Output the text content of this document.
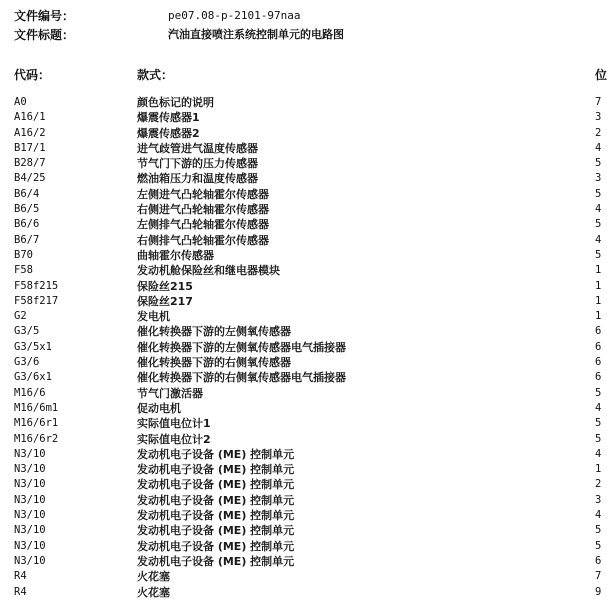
文件编号：	pe07.08-p-2101-97naa
文件标题：	汽油直接喷注系统控制单元的电路图
代码：	款式：	位
A0	颜色标记的说明	7
A16/1	爆震传感器1	3
A16/2	爆震传感器2	2
B17/1	进气歧管进气温度传感器	4
B28/7	节气门下游的压力传感器	5
B4/25	燃油箱压力和温度传感器	3
B6/4	左侧进气凸轮轴霍尔传感器	5
B6/5	右侧进气凸轮轴霍尔传感器	4
B6/6	左侧排气凸轮轴霍尔传感器	5
B6/7	右侧排气凸轮轴霍尔传感器	4
B70	曲轴霍尔传感器	5
F58	发动机舱保险丝和继电器模块	1
F58f215	保险丝215	1
F58f217	保险丝217	1
G2	发电机	1
G3/5	催化转换器下游的左侧氧传感器	6
G3/5x1	催化转换器下游的左侧氧传感器电气插接器	6
G3/6	催化转换器下游的右侧氧传感器	6
G3/6x1	催化转换器下游的右侧氧传感器电气插接器	6
M16/6	节气门激活器	5
M16/6m1	促动电机	4
M16/6r1	实际值电位计1	5
M16/6r2	实际值电位计2	5
N3/10	发动机电子设备 (ME) 控制单元	4
N3/10	发动机电子设备 (ME) 控制单元	1
N3/10	发动机电子设备 (ME) 控制单元	2
N3/10	发动机电子设备 (ME) 控制单元	3
N3/10	发动机电子设备 (ME) 控制单元	4
N3/10	发动机电子设备 (ME) 控制单元	5
N3/10	发动机电子设备 (ME) 控制单元	5
N3/10	发动机电子设备 (ME) 控制单元	6
R4	火花塞	7
R4	火花塞	9
